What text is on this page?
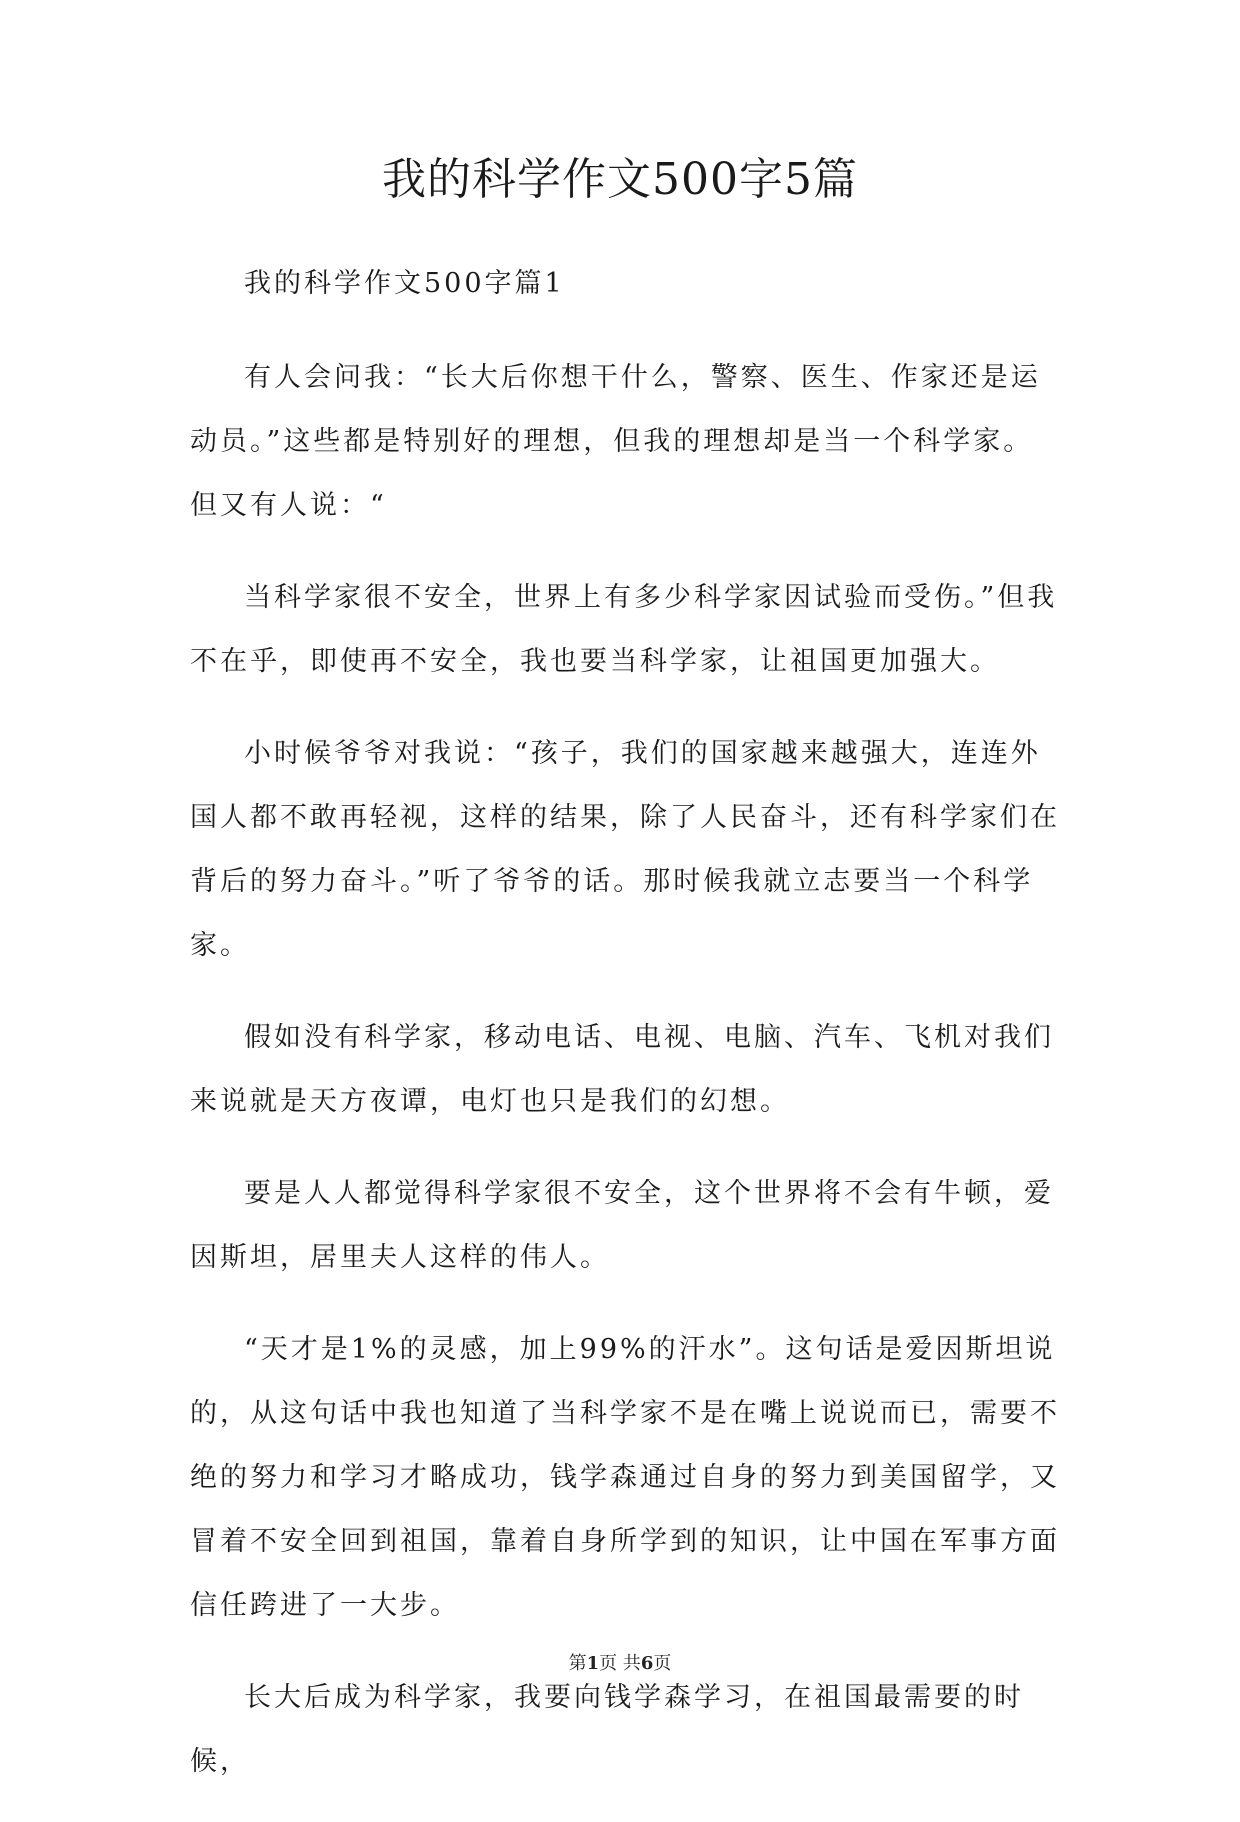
我的科学作文500字5篇

我的科学作文500字篇1

有人会问我：“长大后你想干什么，警察、医生、作家还是运动员。”这些都是特别好的理想，但我的理想却是当一个科学家。但又有人说：“

当科学家很不安全，世界上有多少科学家因试验而受伤。”但我不在乎，即使再不安全，我也要当科学家，让祖国更加强大。

小时候爷爷对我说：“孩子，我们的国家越来越强大，连连外国人都不敢再轻视，这样的结果，除了人民奋斗，还有科学家们在背后的努力奋斗。”听了爷爷的话。那时候我就立志要当一个科学家。

假如没有科学家，移动电话、电视、电脑、汽车、飞机对我们来说就是天方夜谭，电灯也只是我们的幻想。

要是人人都觉得科学家很不安全，这个世界将不会有牛顿，爱因斯坦，居里夫人这样的伟人。

“天才是1%的灵感，加上99%的汗水”。这句话是爱因斯坦说的，从这句话中我也知道了当科学家不是在嘴上说说而已，需要不绝的努力和学习才略成功，钱学森通过自身的努力到美国留学，又冒着不安全回到祖国，靠着自身所学到的知识，让中国在军事方面信任跨进了一大步。

长大后成为科学家，我要向钱学森学习，在祖国最需要的时候，

第1页 共6页
